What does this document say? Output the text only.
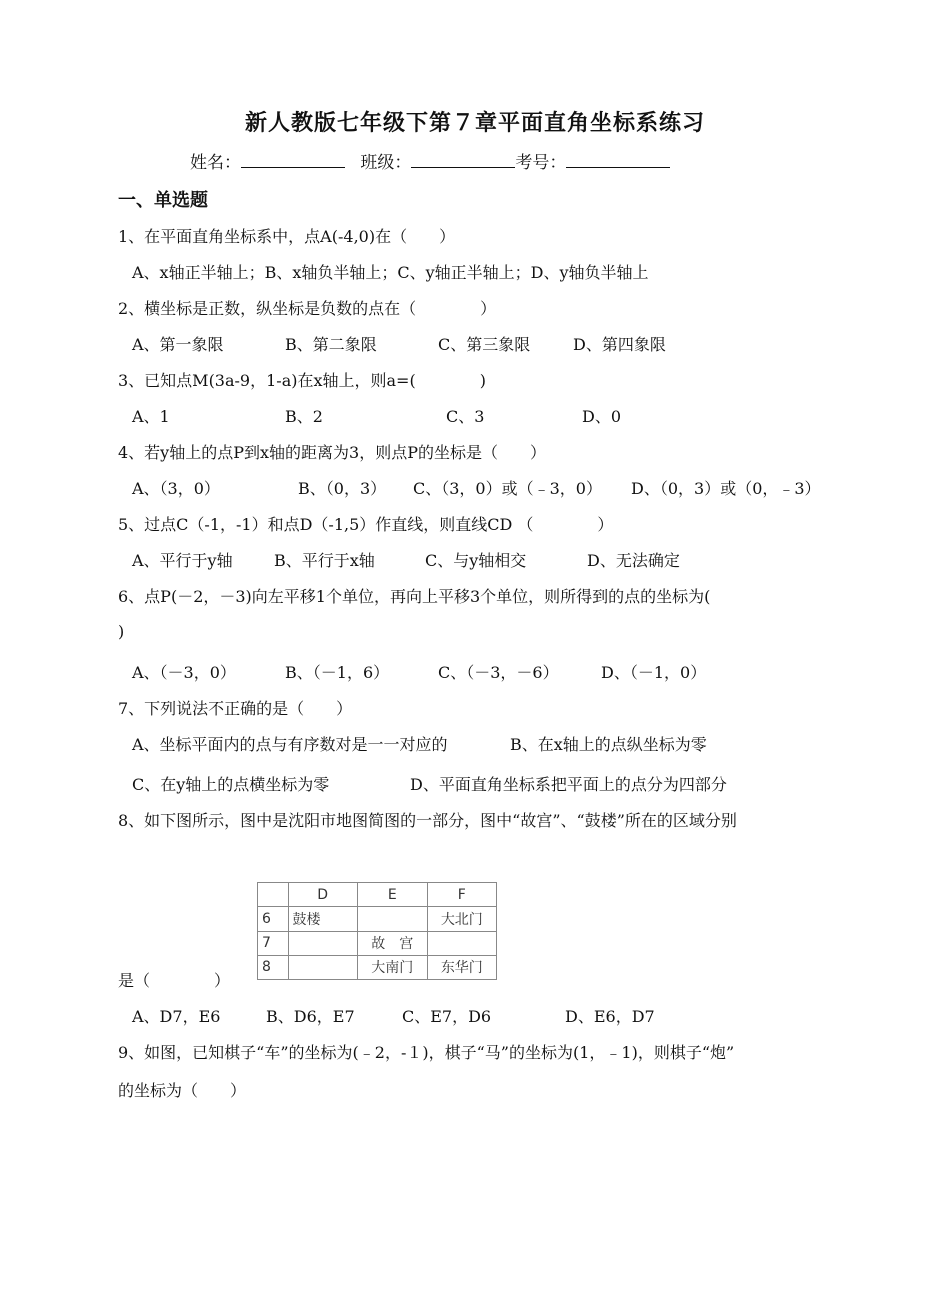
新人教版七年级下第７章平面直角坐标系练习
姓名：	班级：	考号：
一、单选题
1、在平面直角坐标系中，点A(-4,0)在（　　）
A、x轴正半轴上；B、x轴负半轴上；C、y轴正半轴上；D、y轴负半轴上
2、横坐标是正数，纵坐标是负数的点在（　　　　）
A、第一象限	B、第二象限	C、第三象限	D、第四象限
3、已知点M(3a-9，1-a)在x轴上，则a=(　　　　)
A、1	B、2	C、3	D、0
4、若y轴上的点P到x轴的距离为3，则点P的坐标是（　　）
A、（3，0）	B、（0，3） C、（3，0）或（﹣3，0） D、（0，3）或（0，﹣3）
5、过点C（-1，-1）和点D（-1,5）作直线，则直线CD （　　　　）
A、平行于y轴	B、平行于x轴	C、与y轴相交	D、无法确定
6、点P(－2，－3)向左平移1个单位，再向上平移3个单位，则所得到的点的坐标为(
)
A、（－3，0）	B、（－1，6）	C、（－3，－6）	D、（－1，0）
7、下列说法不正确的是（　　）
A、坐标平面内的点与有序数对是一一对应的	B、在x轴上的点纵坐标为零
C、在y轴上的点横坐标为零	D、平面直角坐标系把平面上的点分为四部分
8、如下图所示，图中是沈阳市地图简图的一部分，图中“故宫”、“鼓楼”所在的区域分别
	D	E	F
6	鼓楼		大北门
7		故　宫	
8		大南门	东华门
是（　　　　）
A、D7，E6	B、D6，E7	C、E7，D6	D、E6，D7
9、如图，已知棋子“车”的坐标为(﹣2，-１)，棋子“马”的坐标为(1，﹣1)，则棋子“炮”
的坐标为（　　）
